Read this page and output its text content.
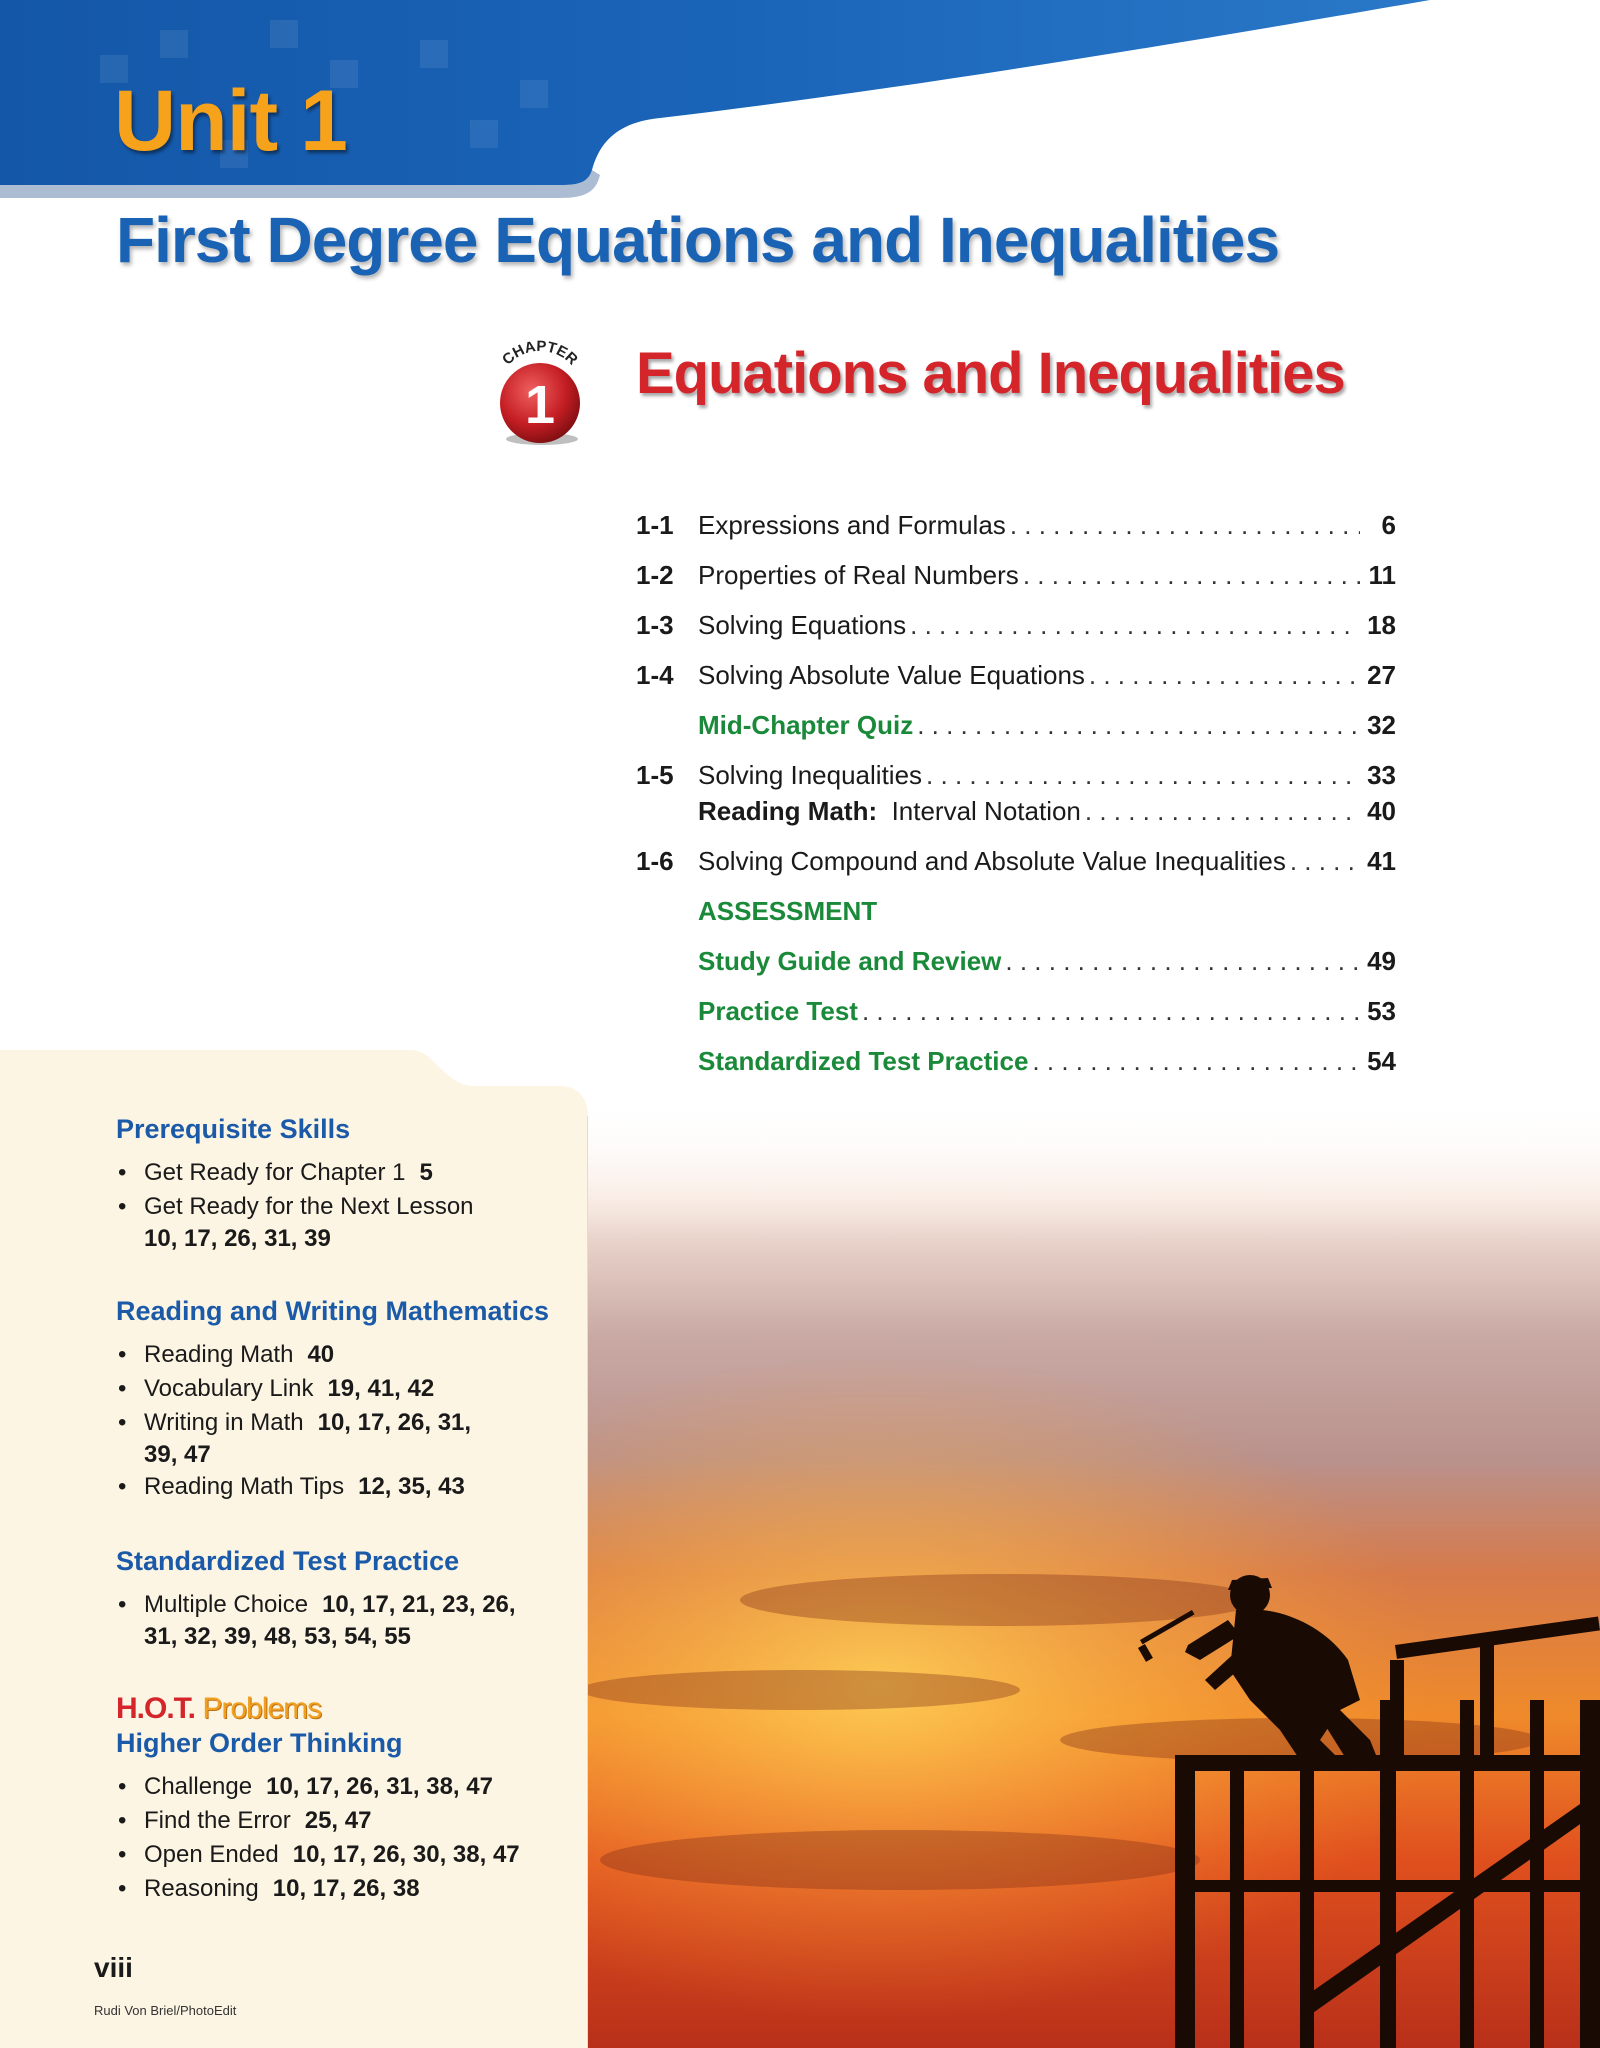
Unit 1
First Degree Equations and Inequalities
CHAPTER
1 Equations and Inequalities
1-1 Expressions and Formulas . . .	6
1-2 Properties of Real Numbers . . .	11
1-3 Solving Equations . . .	18
1-4 Solving Absolute Value Equations . . .	27
Mid-Chapter Quiz . . .	32
1-5 Solving Inequalities . . .	33
Reading Math: Interval Notation . . .	40
1-6 Solving Compound and Absolute Value Inequalities . . .	41
ASSESSMENT
Study Guide and Review . . .	49
Practice Test . . .	53
Standardized Test Practice . . .	54
Prerequisite Skills
• Get Ready for Chapter 1 5
• Get Ready for the Next Lesson
10, 17, 26, 31, 39
Reading and Writing Mathematics
• Reading Math 40
• Vocabulary Link 19, 41, 42
• Writing in Math 10, 17, 26, 31,
39, 47
• Reading Math Tips 12, 35, 43
Standardized Test Practice
• Multiple Choice 10, 17, 21, 23, 26,
31, 32, 39, 48, 53, 54, 55
H.O.T. Problems
Higher Order Thinking
• Challenge 10, 17, 26, 31, 38, 47
• Find the Error 25, 47
• Open Ended 10, 17, 26, 30, 38, 47
• Reasoning 10, 17, 26, 38
viii
Rudi Von Briel/PhotoEdit
